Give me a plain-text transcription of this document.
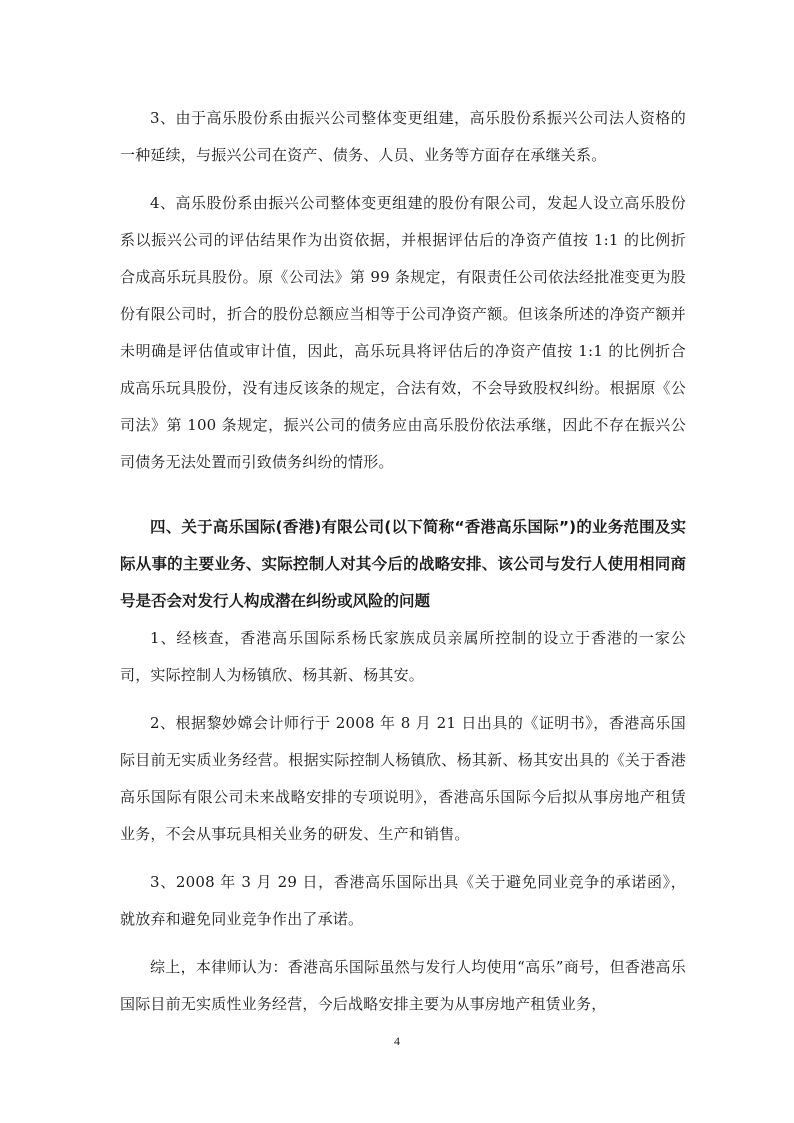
3、由于高乐股份系由振兴公司整体变更组建，高乐股份系振兴公司法人资格的一种延续，与振兴公司在资产、债务、人员、业务等方面存在承继关系。

4、高乐股份系由振兴公司整体变更组建的股份有限公司，发起人设立高乐股份系以振兴公司的评估结果作为出资依据，并根据评估后的净资产值按 1:1 的比例折合成高乐玩具股份。原《公司法》第 99 条规定，有限责任公司依法经批准变更为股份有限公司时，折合的股份总额应当相等于公司净资产额。但该条所述的净资产额并未明确是评估值或审计值，因此，高乐玩具将评估后的净资产值按 1:1 的比例折合成高乐玩具股份，没有违反该条的规定，合法有效，不会导致股权纠纷。根据原《公司法》第 100 条规定，振兴公司的债务应由高乐股份依法承继，因此不存在振兴公司债务无法处置而引致债务纠纷的情形。

四、关于高乐国际(香港)有限公司(以下简称“香港高乐国际”)的业务范围及实际从事的主要业务、实际控制人对其今后的战略安排、该公司与发行人使用相同商号是否会对发行人构成潜在纠纷或风险的问题

1、经核查，香港高乐国际系杨氏家族成员亲属所控制的设立于香港的一家公司，实际控制人为杨镇欣、杨其新、杨其安。

2、根据黎妙嫦会计师行于 2008 年 8 月 21 日出具的《证明书》，香港高乐国际目前无实质业务经营。根据实际控制人杨镇欣、杨其新、杨其安出具的《关于香港高乐国际有限公司未来战略安排的专项说明》，香港高乐国际今后拟从事房地产租赁业务，不会从事玩具相关业务的研发、生产和销售。

3、2008 年 3 月 29 日，香港高乐国际出具《关于避免同业竞争的承诺函》，就放弃和避免同业竞争作出了承诺。

综上，本律师认为：香港高乐国际虽然与发行人均使用“高乐”商号，但香港高乐国际目前无实质性业务经营，今后战略安排主要为从事房地产租赁业务，

4
